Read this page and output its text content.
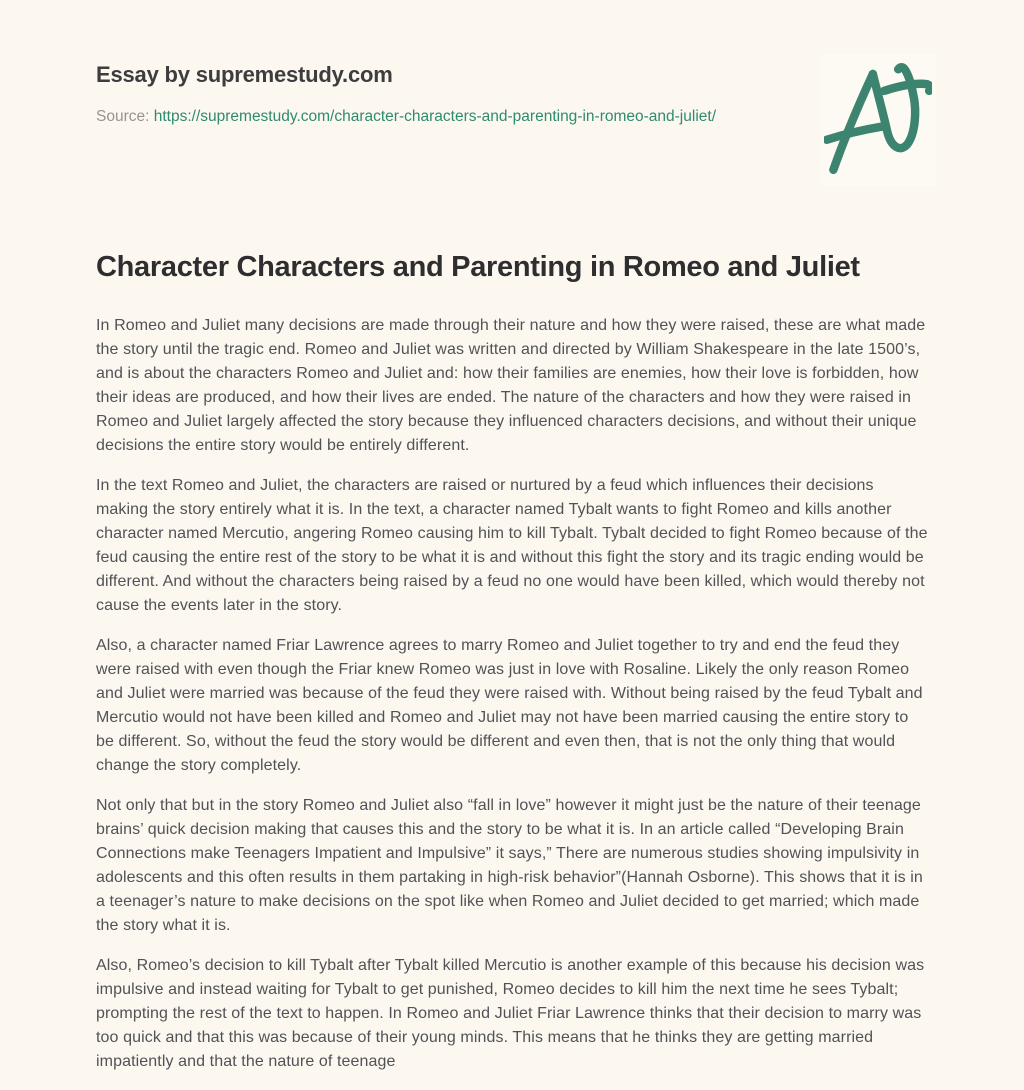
Essay by supremestudy.com

Source: https://supremestudy.com/character-characters-and-parenting-in-romeo-and-juliet/

Character Characters and Parenting in Romeo and Juliet

In Romeo and Juliet many decisions are made through their nature and how they were raised, these are what made the story until the tragic end. Romeo and Juliet was written and directed by William Shakespeare in the late 1500’s, and is about the characters Romeo and Juliet and: how their families are enemies, how their love is forbidden, how their ideas are produced, and how their lives are ended. The nature of the characters and how they were raised in Romeo and Juliet largely affected the story because they influenced characters decisions, and without their unique decisions the entire story would be entirely different.

In the text Romeo and Juliet, the characters are raised or nurtured by a feud which influences their decisions making the story entirely what it is. In the text, a character named Tybalt wants to fight Romeo and kills another character named Mercutio, angering Romeo causing him to kill Tybalt. Tybalt decided to fight Romeo because of the feud causing the entire rest of the story to be what it is and without this fight the story and its tragic ending would be different. And without the characters being raised by a feud no one would have been killed, which would thereby not cause the events later in the story.

Also, a character named Friar Lawrence agrees to marry Romeo and Juliet together to try and end the feud they were raised with even though the Friar knew Romeo was just in love with Rosaline. Likely the only reason Romeo and Juliet were married was because of the feud they were raised with. Without being raised by the feud Tybalt and Mercutio would not have been killed and Romeo and Juliet may not have been married causing the entire story to be different. So, without the feud the story would be different and even then, that is not the only thing that would change the story completely.

Not only that but in the story Romeo and Juliet also “fall in love” however it might just be the nature of their teenage brains’ quick decision making that causes this and the story to be what it is. In an article called “Developing Brain Connections make Teenagers Impatient and Impulsive” it says,” There are numerous studies showing impulsivity in adolescents and this often results in them partaking in high-risk behavior”(Hannah Osborne). This shows that it is in a teenager’s nature to make decisions on the spot like when Romeo and Juliet decided to get married; which made the story what it is.

Also, Romeo’s decision to kill Tybalt after Tybalt killed Mercutio is another example of this because his decision was impulsive and instead waiting for Tybalt to get punished, Romeo decides to kill him the next time he sees Tybalt; prompting the rest of the text to happen. In Romeo and Juliet Friar Lawrence thinks that their decision to marry was too quick and that this was because of their young minds. This means that he thinks they are getting married impatiently and that the nature of teenage
